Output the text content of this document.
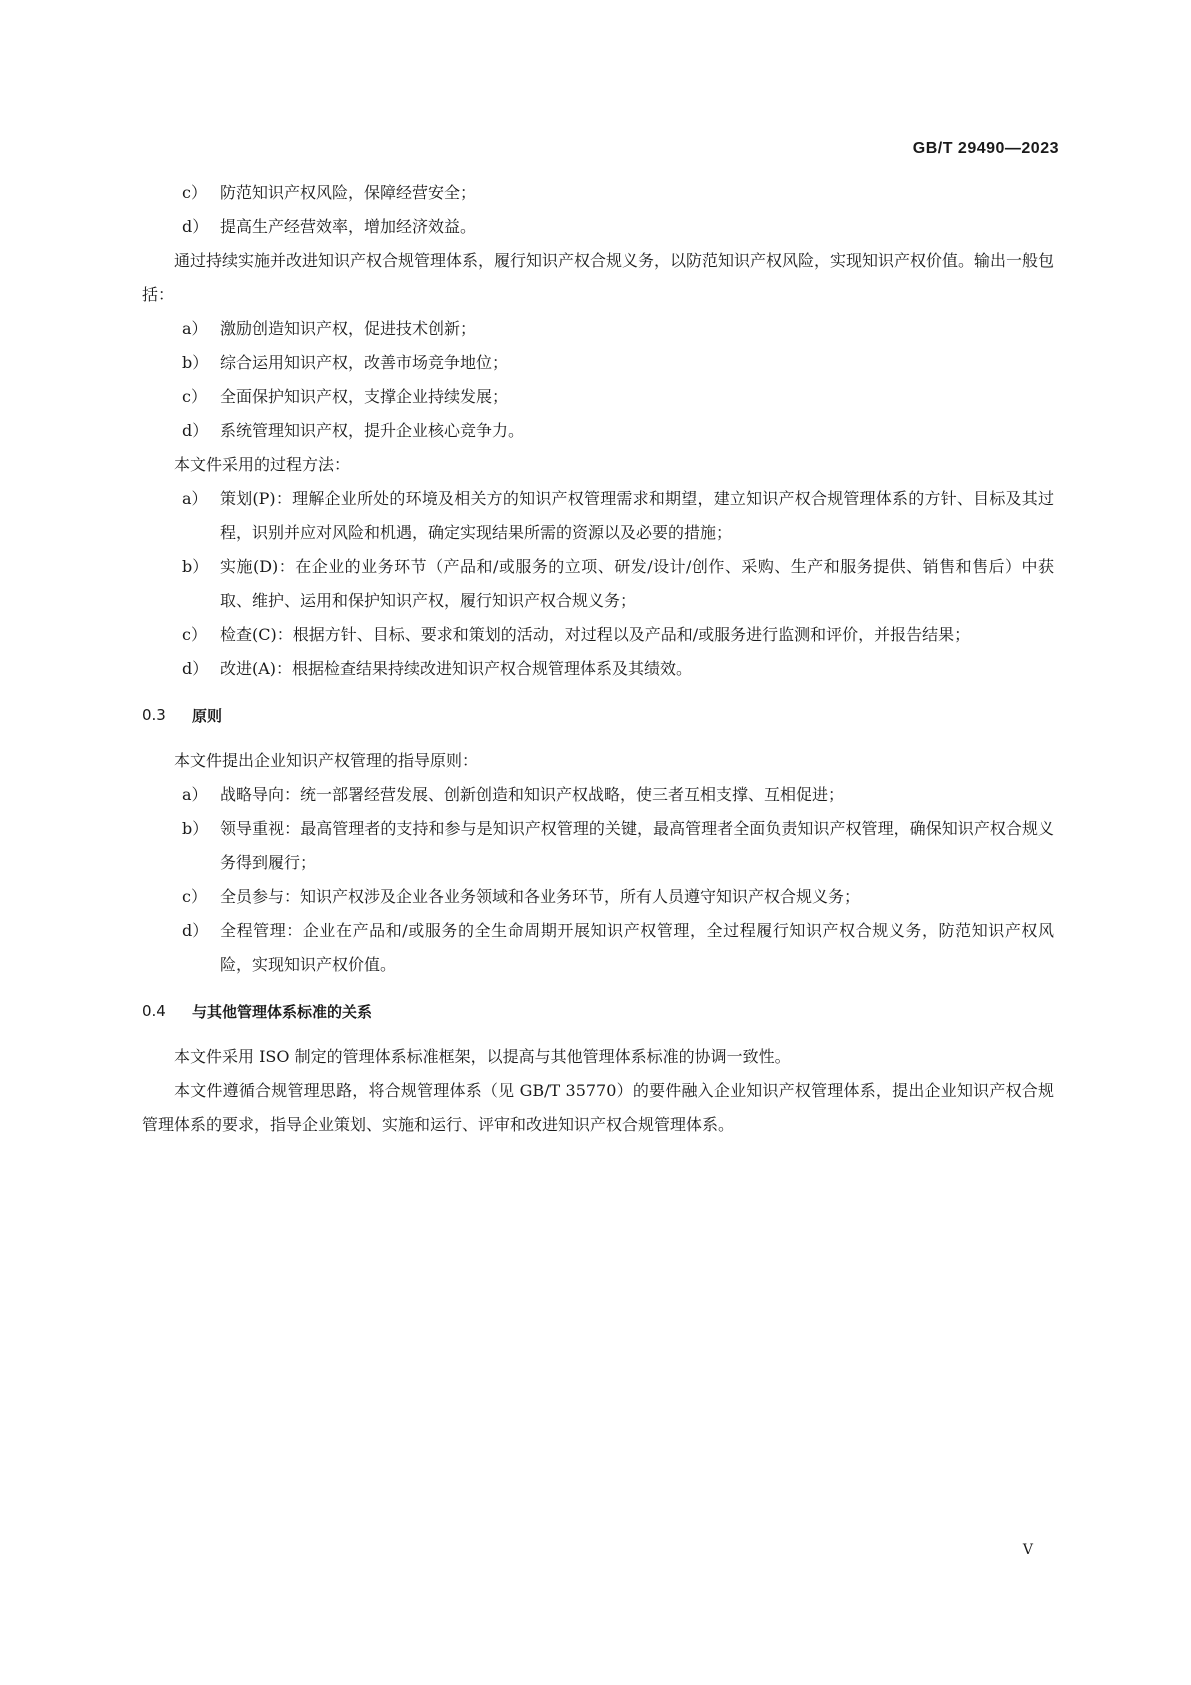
GB/T 29490—2023
c） 防范知识产权风险，保障经营安全；
d） 提高生产经营效率，增加经济效益。

通过持续实施并改进知识产权合规管理体系，履行知识产权合规义务，以防范知识产权风险，实现知识产权价值。输出一般包括：

a） 激励创造知识产权，促进技术创新；
b） 综合运用知识产权，改善市场竞争地位；
c） 全面保护知识产权，支撑企业持续发展；
d） 系统管理知识产权，提升企业核心竞争力。

本文件采用的过程方法：

a） 策划(P)：理解企业所处的环境及相关方的知识产权管理需求和期望，建立知识产权合规管理体系的方针、目标及其过程，识别并应对风险和机遇，确定实现结果所需的资源以及必要的措施；
b） 实施(D)：在企业的业务环节（产品和/或服务的立项、研发/设计/创作、采购、生产和服务提供、销售和售后）中获取、维护、运用和保护知识产权，履行知识产权合规义务；
c） 检查(C)：根据方针、目标、要求和策划的活动，对过程以及产品和/或服务进行监测和评价，并报告结果；
d） 改进(A)：根据检查结果持续改进知识产权合规管理体系及其绩效。
0.3	原则

本文件提出企业知识产权管理的指导原则：

a） 战略导向：统一部署经营发展、创新创造和知识产权战略，使三者互相支撑、互相促进；
b） 领导重视：最高管理者的支持和参与是知识产权管理的关键，最高管理者全面负责知识产权管理，确保知识产权合规义务得到履行；
c） 全员参与：知识产权涉及企业各业务领域和各业务环节，所有人员遵守知识产权合规义务；
d） 全程管理：企业在产品和/或服务的全生命周期开展知识产权管理，全过程履行知识产权合规义务，防范知识产权风险，实现知识产权价值。
0.4	与其他管理体系标准的关系

本文件采用 ISO 制定的管理体系标准框架，以提高与其他管理体系标准的协调一致性。

本文件遵循合规管理思路，将合规管理体系（见 GB/T 35770）的要件融入企业知识产权管理体系，提出企业知识产权合规管理体系的要求，指导企业策划、实施和运行、评审和改进知识产权合规管理体系。

V
